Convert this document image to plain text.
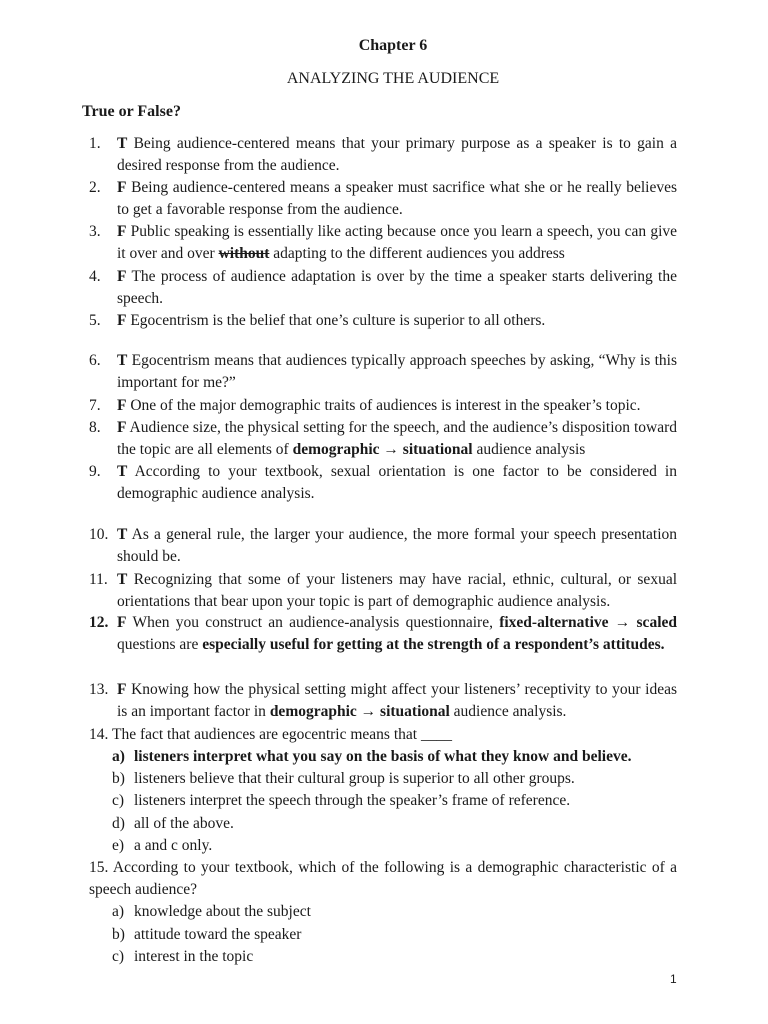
Chapter 6
ANALYZING THE AUDIENCE
True or False?
1.	T Being audience-centered means that your primary purpose as a speaker is to gain a desired response from the audience.
2.	F Being audience-centered means a speaker must sacrifice what she or he really believes to get a favorable response from the audience.
3.	F Public speaking is essentially like acting because once you learn a speech, you can give it over and over without adapting to the different audiences you address
4.	F The process of audience adaptation is over by the time a speaker starts delivering the speech.
5.	F Egocentrism is the belief that one’s culture is superior to all others.
6.	T Egocentrism means that audiences typically approach speeches by asking, “Why is this important for me?”
7.	F One of the major demographic traits of audiences is interest in the speaker’s topic.
8.	F Audience size, the physical setting for the speech, and the audience’s disposition toward the topic are all elements of demographic → situational audience analysis
9.	T According to your textbook, sexual orientation is one factor to be considered in demographic audience analysis.
10. T As a general rule, the larger your audience, the more formal your speech presentation should be.
11. T Recognizing that some of your listeners may have racial, ethnic, cultural, or sexual orientations that bear upon your topic is part of demographic audience analysis.
12. F When you construct an audience-analysis questionnaire, fixed-alternative → scaled questions are especially useful for getting at the strength of a respondent’s attitudes.
13. F Knowing how the physical setting might affect your listeners’ receptivity to your ideas is an important factor in demographic → situational audience analysis.
14. The fact that audiences are egocentric means that ____
a) listeners interpret what you say on the basis of what they know and believe.
b) listeners believe that their cultural group is superior to all other groups.
c) listeners interpret the speech through the speaker’s frame of reference.
d) all of the above.
e) a and c only.
15. According to your textbook, which of the following is a demographic characteristic of a speech audience?
a) knowledge about the subject
b) attitude toward the speaker
c) interest in the topic
1
